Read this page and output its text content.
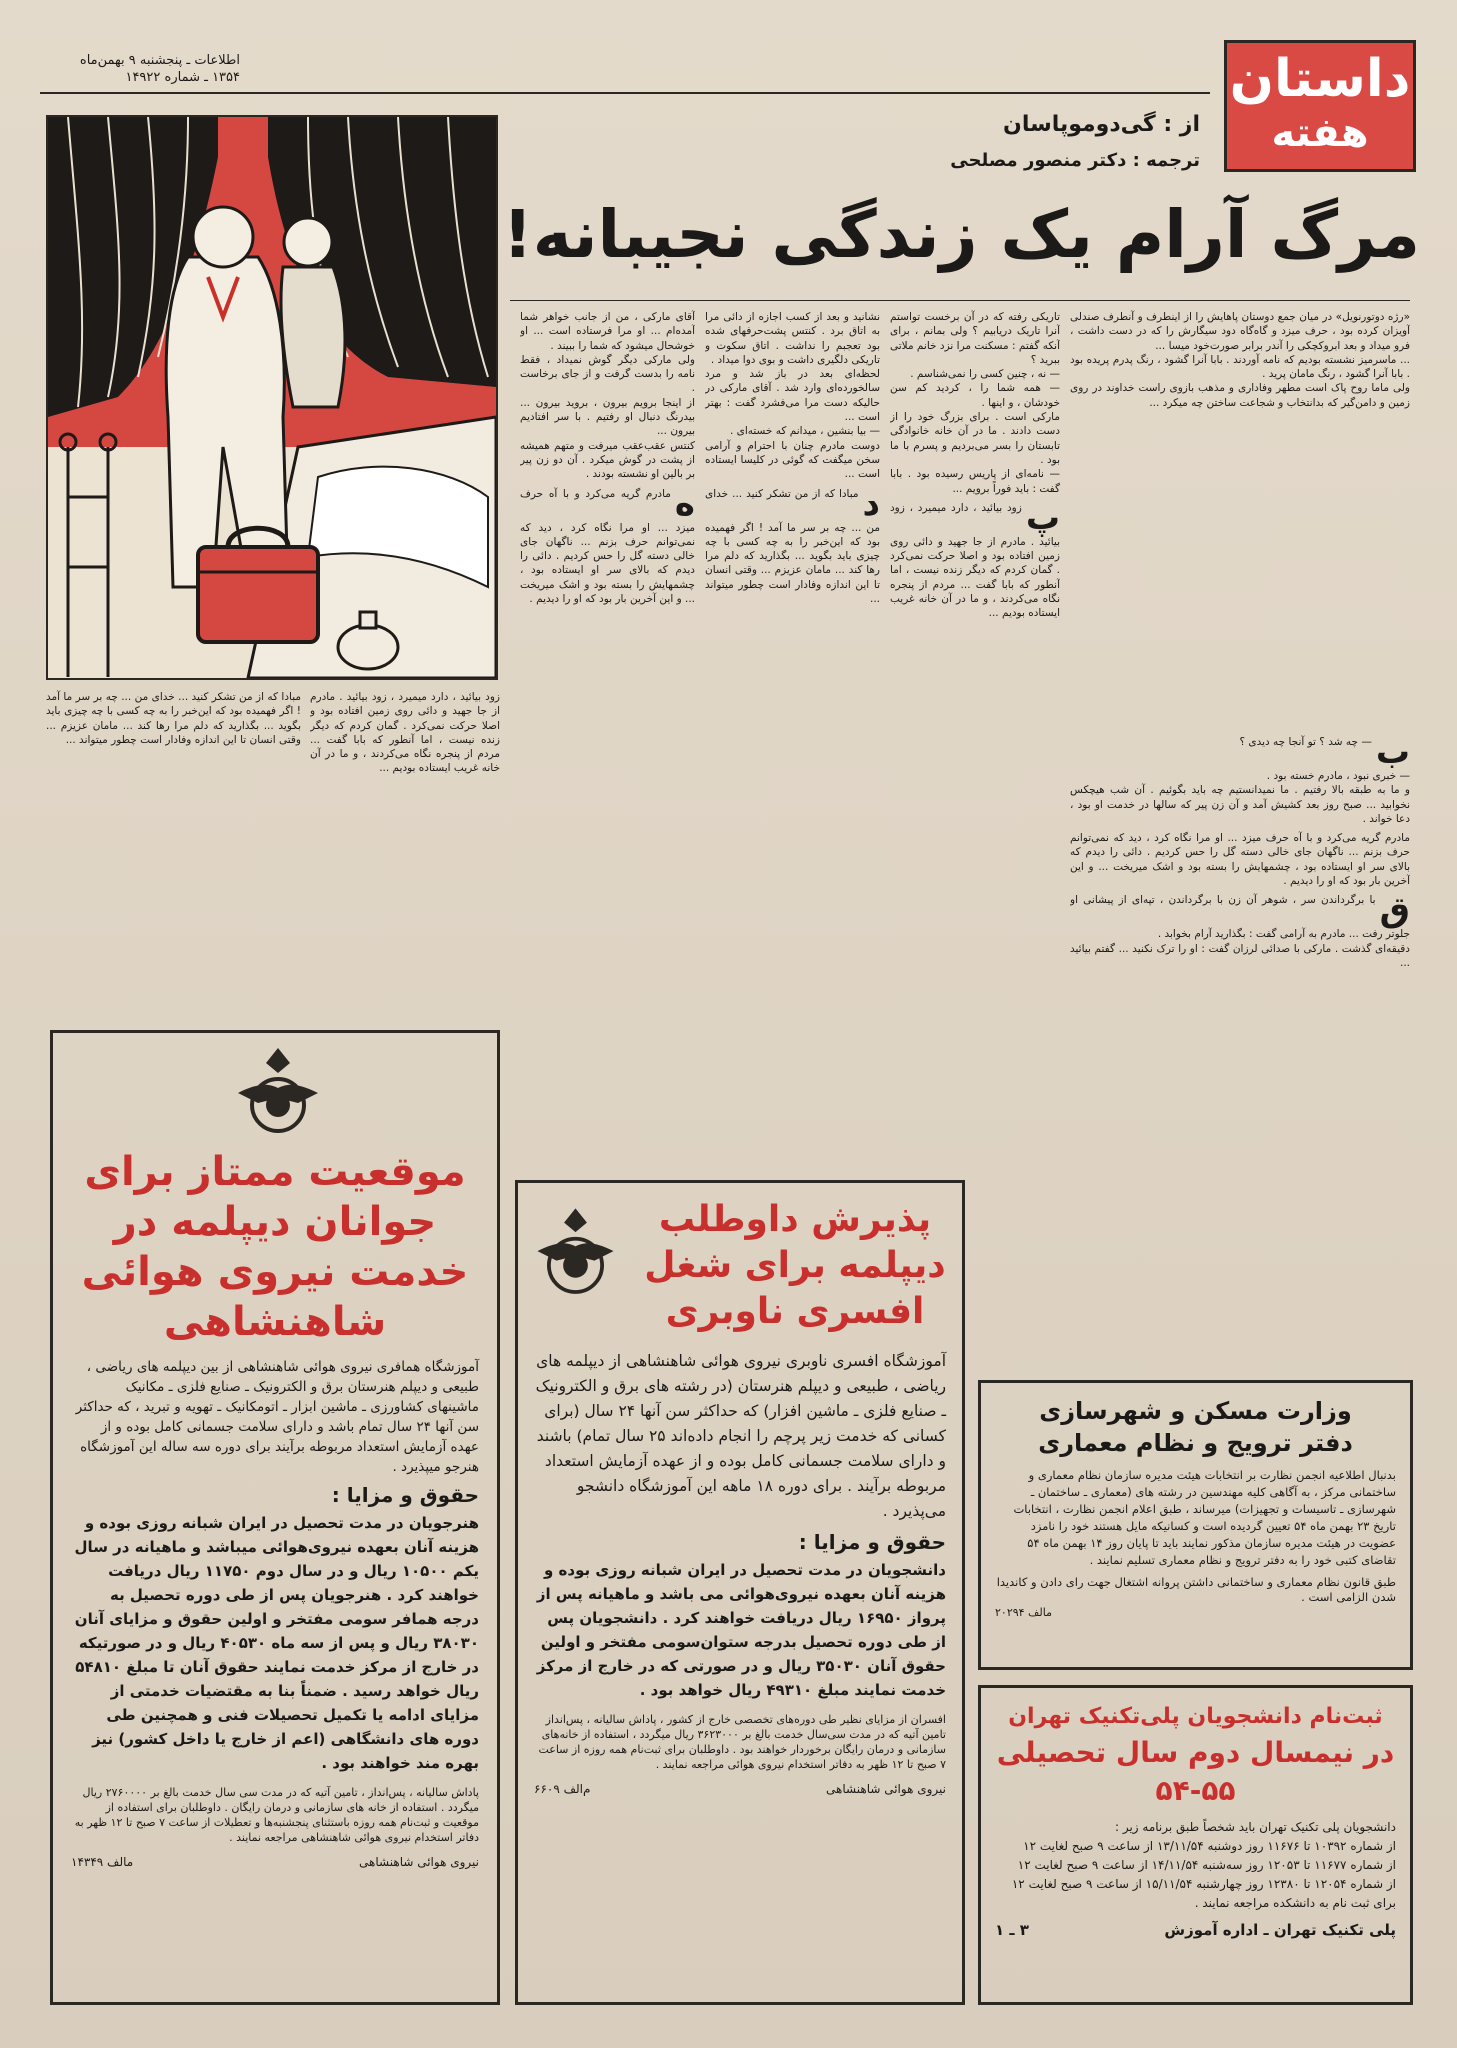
داستان
هفته
اطلاعات ـ پنجشنبه ۹ بهمن‌ماه
۱۳۵۴ ـ شماره ۱۴۹۲۲
از : گی‌دوموپاسان
ترجمه : دکتر منصور مصلحی
مرگ آرام یک زندگی نجیبانه!

«رژه دوتورنویل» در میان جمع دوستان پاهایش را از اینطرف و آنطرف صندلی آویزان کرده بود ، حرف میزد و گاه‌گاه دود سیگارش را که در دست داشت ، فرو میداد و بعد ابروکچکی را آندر برابر صورت‌خود میسا ...
... ماسرمیز نشسته بودیم که نامه آوردند . بابا آنرا گشود ، رنگ پدرم پریده بود . بابا آنرا گشود ، رنگ مامان پرید .
ولی ماما روح پاک است مطهر وفاداری و مذهب بازوی راست خداوند در روی زمین و دامن‌گیر که بدانتخاب و شجاعت ساختن چه میکرد ...

ب— چه شد ؟ تو آنجا چه دیدی ؟
— خبری نبود ، مادرم خسته بود .
و ما به طبقه بالا رفتیم . ما نمیدانستیم چه باید بگوئیم . آن شب هیچکس نخوابید ... صبح روز بعد کشیش آمد و آن زن پیر که سالها در خدمت او بود ، دعا خواند .

مادرم گریه می‌کرد و با آه حرف میزد ... او مرا نگاه کرد ، دید که نمی‌توانم حرف بزنم ... ناگهان جای خالی دسته گل را حس کردیم . دائی را دیدم که بالای سر او ایستاده بود ، چشمهایش را بسته بود و اشک میریخت ... و این آخرین بار بود که او را دیدیم .

قبا برگرداندن سر ، شوهر آن زن با برگرداندن ، تپه‌ای از پیشانی او جلوتر رفت ... مادرم به آرامی گفت : بگذارید آرام بخوابد .
دقیقه‌ای گذشت . مارکی با صدائی لرزان گفت : او را ترک نکنید ... گفتم بیائید ...

تاریکی رفته که در آن برخست تواستم آنرا تاریک دریابیم ؟ ولی بمانم ، برای آنکه گفتم : مسکنت مرا نزد خانم ملاتی ببرید ؟
— نه ، چنین کسی را نمی‌شناسم .
— همه شما را ، کردید کم سن خودشان ، و اینها .
مارکی است . برای بزرگ خود را از دست دادند . ما در آن خانه خانوادگی تابستان را بسر می‌بردیم و پسرم با ما بود .
— نامه‌ای از پاریس رسیده بود . بابا گفت : باید فوراً برویم ...

پزود بیائید ، دارد میمیرد ، زود بیائید . مادرم از جا جهید و دائی روی زمین افتاده بود و اصلا حرکت نمی‌کرد . گمان کردم که دیگر زنده نیست ، اما آنطور که بابا گفت ... مردم از پنجره نگاه می‌کردند ، و ما در آن خانه غریب ایستاده بودیم ...

نشانید و بعد از کسب اجازه از دائی مرا به اتاق برد . کنتس پشت‌حرفهای شده بود تعجبم را نداشت . اتاق سکوت و تاریکی دلگیری داشت و بوی دوا میداد .
لحظه‌ای بعد در باز شد و مرد سالخورده‌ای وارد شد . آقای مارکی در حالیکه دست مرا می‌فشرد گفت : بهتر است ...
— بیا بنشین ، میدانم که خسته‌ای .
دوست مادرم چنان با احترام و آرامی سخن میگفت که گوئی در کلیسا ایستاده است ...

دمبادا که از من تشکر کنید ... خدای من ... چه بر سر ما آمد ! اگر فهمیده بود که این‌خبر را به چه کسی با چه چیزی باید بگوید ... بگذارید که دلم مرا رها کند ... مامان عزیزم ... وقتی انسان تا این اندازه وفادار است چطور میتواند ...

آقای مارکی ، من از جانب خواهر شما آمده‌ام ... او مرا فرستاده است ... او خوشحال میشود که شما را ببیند .
ولی مارکی دیگر گوش نمیداد ، فقط نامه را بدست گرفت و از جای برخاست .
از اینجا برویم بیرون ، بروید بیرون ... بیدرنگ دنبال او رفتیم . با سر افتادیم بیرون ...
کنتس عقب‌عقب میرفت و متهم همیشه از پشت در گوش میکرد . آن دو زن پیر بر بالین او نشسته بودند .

همادرم گریه می‌کرد و با آه حرف میزد ... او مرا نگاه کرد ، دید که نمی‌توانم حرف بزنم ... ناگهان جای خالی دسته گل را حس کردیم . دائی را دیدم که بالای سر او ایستاده بود ، چشمهایش را بسته بود و اشک میریخت ... و این آخرین بار بود که او را دیدیم .

زود بیائید ، دارد میمیرد ، زود بیائید . مادرم از جا جهید و دائی روی زمین افتاده بود و اصلا حرکت نمی‌کرد . گمان کردم که دیگر زنده نیست ، اما آنطور که بابا گفت ... مردم از پنجره نگاه می‌کردند ، و ما در آن خانه غریب ایستاده بودیم ...

مبادا که از من تشکر کنید ... خدای من ... چه بر سر ما آمد ! اگر فهمیده بود که این‌خبر را به چه کسی با چه چیزی باید بگوید ... بگذارید که دلم مرا رها کند ... مامان عزیزم ... وقتی انسان تا این اندازه وفادار است چطور میتواند ...

موقعیت ممتاز برای جوانان دیپلمه در خدمت نیروی هوائی شاهنشاهی
آموزشگاه همافری نیروی هوائی شاهنشاهی از بین دیپلمه های ریاضی ، طبیعی و دیپلم هنرستان برق و الکترونیک ـ صنایع فلزی ـ مکانیک ماشینهای کشاورزی ـ ماشین ابزار ـ اتومکانیک ـ تهویه و تبرید ، که حداکثر سن آنها ۲۴ سال تمام باشد و دارای سلامت جسمانی کامل بوده و از عهده آزمایش استعداد مربوطه برآیند برای دوره سه ساله این آموزشگاه هنرجو میپذیرد .
حقوق و مزایا :
هنرجویان در مدت تحصیل در ایران شبانه روزی بوده و هزینه آنان بعهده نیروی‌هوائی میباشد و ماهیانه در سال یکم ۱۰۵۰۰ ریال و در سال دوم ۱۱۷۵۰ ریال دریافت خواهند کرد . هنرجویان پس از طی دوره تحصیل به درجه همافر سومی مفتخر و اولین حقوق و مزایای آنان ۳۸۰۳۰ ریال و پس از سه ماه ۴۰۵۳۰ ریال و در صورتیکه در خارج از مرکز خدمت نمایند حقوق آنان تا مبلغ ۵۴۸۱۰ ریال خواهد رسید . ضمناً بنا به مقتضیات خدمتی از مزایای ادامه یا تکمیل تحصیلات فنی و همچنین طی دوره های دانشگاهی (اعم از خارج یا داخل کشور) نیز بهره مند خواهند بود .
پاداش سالیانه ، پس‌انداز ، تامین آتیه که در مدت سی سال خدمت بالغ بر ۲۷۶۰۰۰۰ ریال میگردد . استفاده از خانه های سازمانی و درمان رایگان . داوطلبان برای استفاده از موقعیت و ثبت‌نام همه روزه باستثنای پنجشنبه‌ها و تعطیلات از ساعت ۷ صبح تا ۱۲ ظهر به دفاتر استخدام نیروی هوائی شاهنشاهی مراجعه نمایند .
نیروی هوائی شاهنشاهی
مالف ۱۴۳۴۹
پذیرش داوطلب
دیپلمه برای شغل
افسری ناوبری
آموزشگاه افسری ناوبری نیروی هوائی شاهنشاهی از دیپلمه های ریاضی ، طبیعی و دیپلم هنرستان (در رشته های برق و الکترونیک ـ صنایع فلزی ـ ماشین افزار) که حداکثر سن آنها ۲۴ سال (برای کسانی که خدمت زیر پرچم را انجام داده‌اند ۲۵ سال تمام) باشند و دارای سلامت جسمانی کامل بوده و از عهده آزمایش استعداد مربوطه برآیند . برای دوره ۱۸ ماهه این آموزشگاه دانشجو می‌پذیرد .
حقوق و مزایا :
دانشجویان در مدت تحصیل در ایران شبانه روزی بوده و هزینه آنان بعهده نیروی‌هوائی می باشد و ماهیانه پس از پرواز ۱۶۹۵۰ ریال دریافت خواهند کرد . دانشجویان پس از طی دوره تحصیل بدرجه ستوان‌سومی مفتخر و اولین حقوق آنان ۳۵۰۳۰ ریال و در صورتی که در خارج از مرکز خدمت نمایند مبلغ ۴۹۳۱۰ ریال خواهد بود .
افسران از مزایای نظیر طی دوره‌های تخصصی خارج از کشور ، پاداش سالیانه ، پس‌انداز تامین آتیه که در مدت سی‌سال خدمت بالغ بر ۳۶۲۳۰۰۰ ریال میگردد ، استفاده از خانه‌های سازمانی و درمان رایگان برخوردار خواهند بود . داوطلبان برای ثبت‌نام همه روزه از ساعت ۷ صبح تا ۱۲ ظهر به دفاتر استخدام نیروی هوائی مراجعه نمایند .
نیروی هوائی شاهنشاهی
م‌الف ۶۶۰۹
وزارت مسکن و شهرسازی
دفتر ترویج و نظام معماری
بدنبال اطلاعیه انجمن نظارت بر انتخابات هیئت مدیره سازمان نظام معماری و ساختمانی مرکز ، به آگاهی کلیه مهندسین در رشته های (معماری ـ ساختمان ـ شهرسازی ـ تاسیسات و تجهیزات) میرساند ، طبق اعلام انجمن نظارت ، انتخابات تاریخ ۲۳ بهمن ماه ۵۴ تعیین گردیده است و کسانیکه مایل هستند خود را نامزد عضویت در هیئت مدیره سازمان مذکور نمایند باید تا پایان روز ۱۴ بهمن ماه ۵۴ تقاضای کتبی خود را به دفتر ترویج و نظام معماری تسلیم نمایند .
طبق قانون نظام معماری و ساختمانی داشتن پروانه اشتغال جهت رای دادن و کاندیدا شدن الزامی است .
مالف ۲۰۲۹۴
ثبت‌نام دانشجویان پلی‌تکنیک تهران
در نیمسال دوم سال تحصیلی ۵۵-۵۴
دانشجویان پلی تکنیک تهران باید شخصاً طبق برنامه زیر :
از شماره ۱۰۳۹۲ تا ۱۱۶۷۶ روز دوشنبه ۱۳/۱۱/۵۴ از ساعت ۹ صبح لغایت ۱۲
از شماره ۱۱۶۷۷ تا ۱۲۰۵۳ روز سه‌شنبه ۱۴/۱۱/۵۴ از ساعت ۹ صبح لغایت ۱۲
از شماره ۱۲۰۵۴ تا ۱۲۳۸۰ روز چهارشنبه ۱۵/۱۱/۵۴ از ساعت ۹ صبح لغایت ۱۲
برای ثبت نام به دانشکده مراجعه نمایند .
پلی تکنیک تهران ـ اداره آموزش
۳ ـ ۱
